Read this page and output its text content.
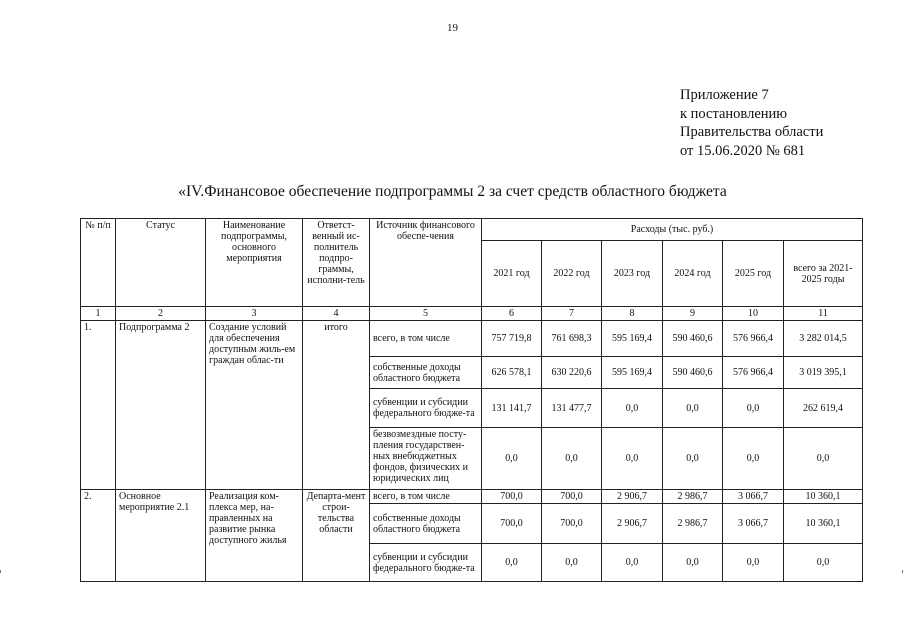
19
Приложение 7
к постановлению
Правительства области
от 15.06.2020 № 681
«IV.Финансовое обеспечение подпрограммы 2 за счет средств областного бюджета
№ п/п	Статус	Наименование подпрограммы, основного мероприятия	Ответст-венный ис-полнитель подпро-граммы, исполни-тель	Источник финансового обеспе-чения	Расходы (тыс. руб.)					
					2021 год	2022 год	2023 год	2024 год	2025 год	всего за 2021-2025 годы
1	2	3	4	5	6	7	8	9	10	11
1.	Подпрограмма 2	Создание условий для обеспечения доступным жиль-ем граждан облас-ти	итого	всего, в том числе	757 719,8	761 698,3	595 169,4	590 460,6	576 966,4	3 282 014,5
				собственные доходы областного бюджета	626 578,1	630 220,6	595 169,4	590 460,6	576 966,4	3 019 395,1
				субвенции и субсидии федерального бюдже-та	131 141,7	131 477,7	0,0	0,0	0,0	262 619,4
				безвозмездные посту-пления государствен-ных внебюджетных фондов, физических и юридических лиц	0,0	0,0	0,0	0,0	0,0	0,0
2.	Основное мероприятие 2.1	Реализация ком-плекса мер, на-правленных на развитие рынка доступного жилья	Департа-мент строи-тельства области	всего, в том числе	700,0	700,0	2 906,7	2 986,7	3 066,7	10 360,1
				собственные доходы областного бюджета	700,0	700,0	2 906,7	2 986,7	3 066,7	10 360,1
				субвенции и субсидии федерального бюдже-та	0,0	0,0	0,0	0,0	0,0	0,0
